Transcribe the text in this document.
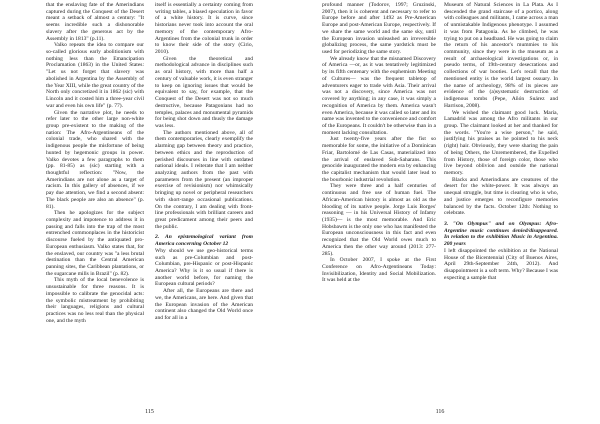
that the enslaving fate of the Amerindians captured during the Conquest of the Desert meant a setback of almost a century: "It seems incredible such a dishonorable slavery after the generous act by the Assembly in 1813" (p.11).

Valko repeats the idea to compare our so-called glorious early abolitionism with nothing less than the Emancipation Proclamation (1863) in the United States: "Let us not forget that slavery was abolished in Argentina by the Assembly of the Year XIII, while the great country of the North only concretized it in 1862 (sic) with Lincoln and it costed him a three-year civil war and even his own life" (p. 77).

Given the narrative plot, he needs to refer later to the other large non-white group pre-existent to the making of the nation: The Afro-Argentineans of the colonial trade, who shared with the indigenous people the misfortune of being hunted by hegemonic groups in power. Valko devotes a few paragraphs to them (pp. 81-85) as (sic) starting with a thoughtful reflection: "Now, the Amerindians are not alone as a target of racism. In this gallery of absences, if we pay due attention, we find a second absent: The black people are also an absence" (p. 81).

Then he apologizes for the subject complexity and impotence to address it in passing and falls into the trap of the most entrenched commonplaces in the historicist discourse fueled by the antiquated pro-European enthusiasm. Valko states that, for the enslaved, our country was "a less brutal destination than the Central American panning sites, the Caribbean plantations, or the sugarcane mills in Brazil" (p. 82).

This myth of the local benevolence is unsustainable for three reasons. It is impossible to calibrate the genocidal acts: the symbolic mistreatment by prohibiting their languages, religions and cultural practices was no less real than the physical one, and the myth

itself is essentially a certainty coming from writing tables, a biased speculation in favor of a white history. It is curve, since historians never took into account the oral memory of the contemporary Afro-Argentines from the colonial trunk in order to know their side of the story (Cirio, 2010).

Given the theoretical and methodological advance in disciplines such as oral history, with more than half a century of valuable work, it is even stranger to keep on ignoring issues that would be equivalent to say, for example, that the Conquest of the Desert was not so much destructive, because Patagonians had no temples, palaces and monumental pyramids for being shot down and thusly the damage was less.

The authors mentioned above, all of them contemporaries, clearly exemplify the alarming gap between theory and practice, between ethics and the reproduction of perished discourses in line with outdated national ideals. I reiterate that I am neither analyzing authors from the past with parameters from the present (an improper exercise of revisionism) nor whimsically bringing up novel or peripheral researchers with short-range occasional publications. On the contrary, I am dealing with front-line professionals with brilliant careers and great predicament among their peers and the public.

2. An epistemological variant from America concerning October 12

Why should we use geo-historical terms such as pre-Columbian and post-Columbian, pre-Hispanic or post-Hispanic America? Why is it so usual if there is another world before, for naming the European cultural periods?

After all, the Europeans are there and we, the Americans, are here. And given that the European invasion of the American continent also changed the Old World once and for all in a

115

profound manner (Todorov, 1997; Gruzinski, 2007), then it is coherent and necessary to refer to Europe before and after 1492 as Pre-American Europe and post-American Europe, respectively. If we share the same world and the same sky, until the European invasion unleashed an irreversible globalizing process, the same yardstick must be used for periodizing the same story.

We already know that the misnamed Discovery of America —or, as it was tentatively legitimized by its fifth centenary with the euphemism Meeting of Cultures— was the frequent tabletop of adventurers eager to trade with Asia. Their arrival was not a discovery, since America was not covered by anything; in any case, it was simply a recognition of America by them. America wasn't even America, because it was called so later and its name was invented to the convenience and comfort of the Europeans. It couldn't be otherwise than in a moment lacking consultation.

Just twenty-five years after the fist so memorable for some, the initiative of a Dominican Friar, Bartolomé de Las Casas, materialized into the arrival of enslaved Sub-Saharans. This genocide inaugurated the modern era by enhancing the capitalist mechanism that would later lead to the bourbonic industrial revolution.

They were three and a half centuries of continuous and free use of human fuel. The African-American history is almost as old as the blooding of its native people. Jorge Luis Borges' reasoning — in his Universal History of Infamy (1935)— is the most memorable. And Eric Hobsbawm is the only one who has manifested the European unconsciousness in this fact and even recognized that the Old World owes much to America then the other way around (2013: 277-285).

In October 2007, I spoke at the First Conference on Afro-Argentineans Today: Invisibilization, Identity and Social Mobilization. It was held at the

Museum of Natural Sciences in La Plata. As I descended the grand staircase of a portico, along with colleagues and militants, I came across a man of unmistakable Indigenous phenotype. I assumed it was from Patagonia. As he climbed, he was trying to put on a headband. He was going to claim the return of his ancestor's mummies to his community, since they were in the museum as a result of archaeological investigations or, in pseudo terms, of 19th-century desecrations and collections of war booties. Let's recall that the mentioned entity is the world largest ossuary. In the name of archeology, 98% of its pieces are evidence of the (a)systematic destruction of indigenous tombs (Pepe, Añón Suárez and Harrison, 2008).

We wished the claimant good luck. María, Lamadrid was among the Afro militants in our group. The claimant looked at her and thanked for the words. "You're a wise person," he said, justifying his praises as he pointed to his neck (right) hair. Obviously, they were sharing the pain of being Others, the Unremembered, the Expelled from History, those of foreign color, those who live beyond oblivion and outside the national memory.

Blacks and Amerindians are creatures of the desert for the white-power. It was always an unequal struggle, but time is clearing who is who, and justice emerges to reconfigure memories balanced by the facts. October 12th: Nothing to celebrate.

3. "On Olympus" and on Olympus: Afro-Argentine music continues denied/disappeared. In relation to the exhibition Music in Argentina. 200 years

I left disappointed the exhibition at the National House of the Bicentennial (City of Buenos Aires, April 29th-September 24th, 2012). And disappointment is a soft term. Why? Because I was expecting a sample that

116
